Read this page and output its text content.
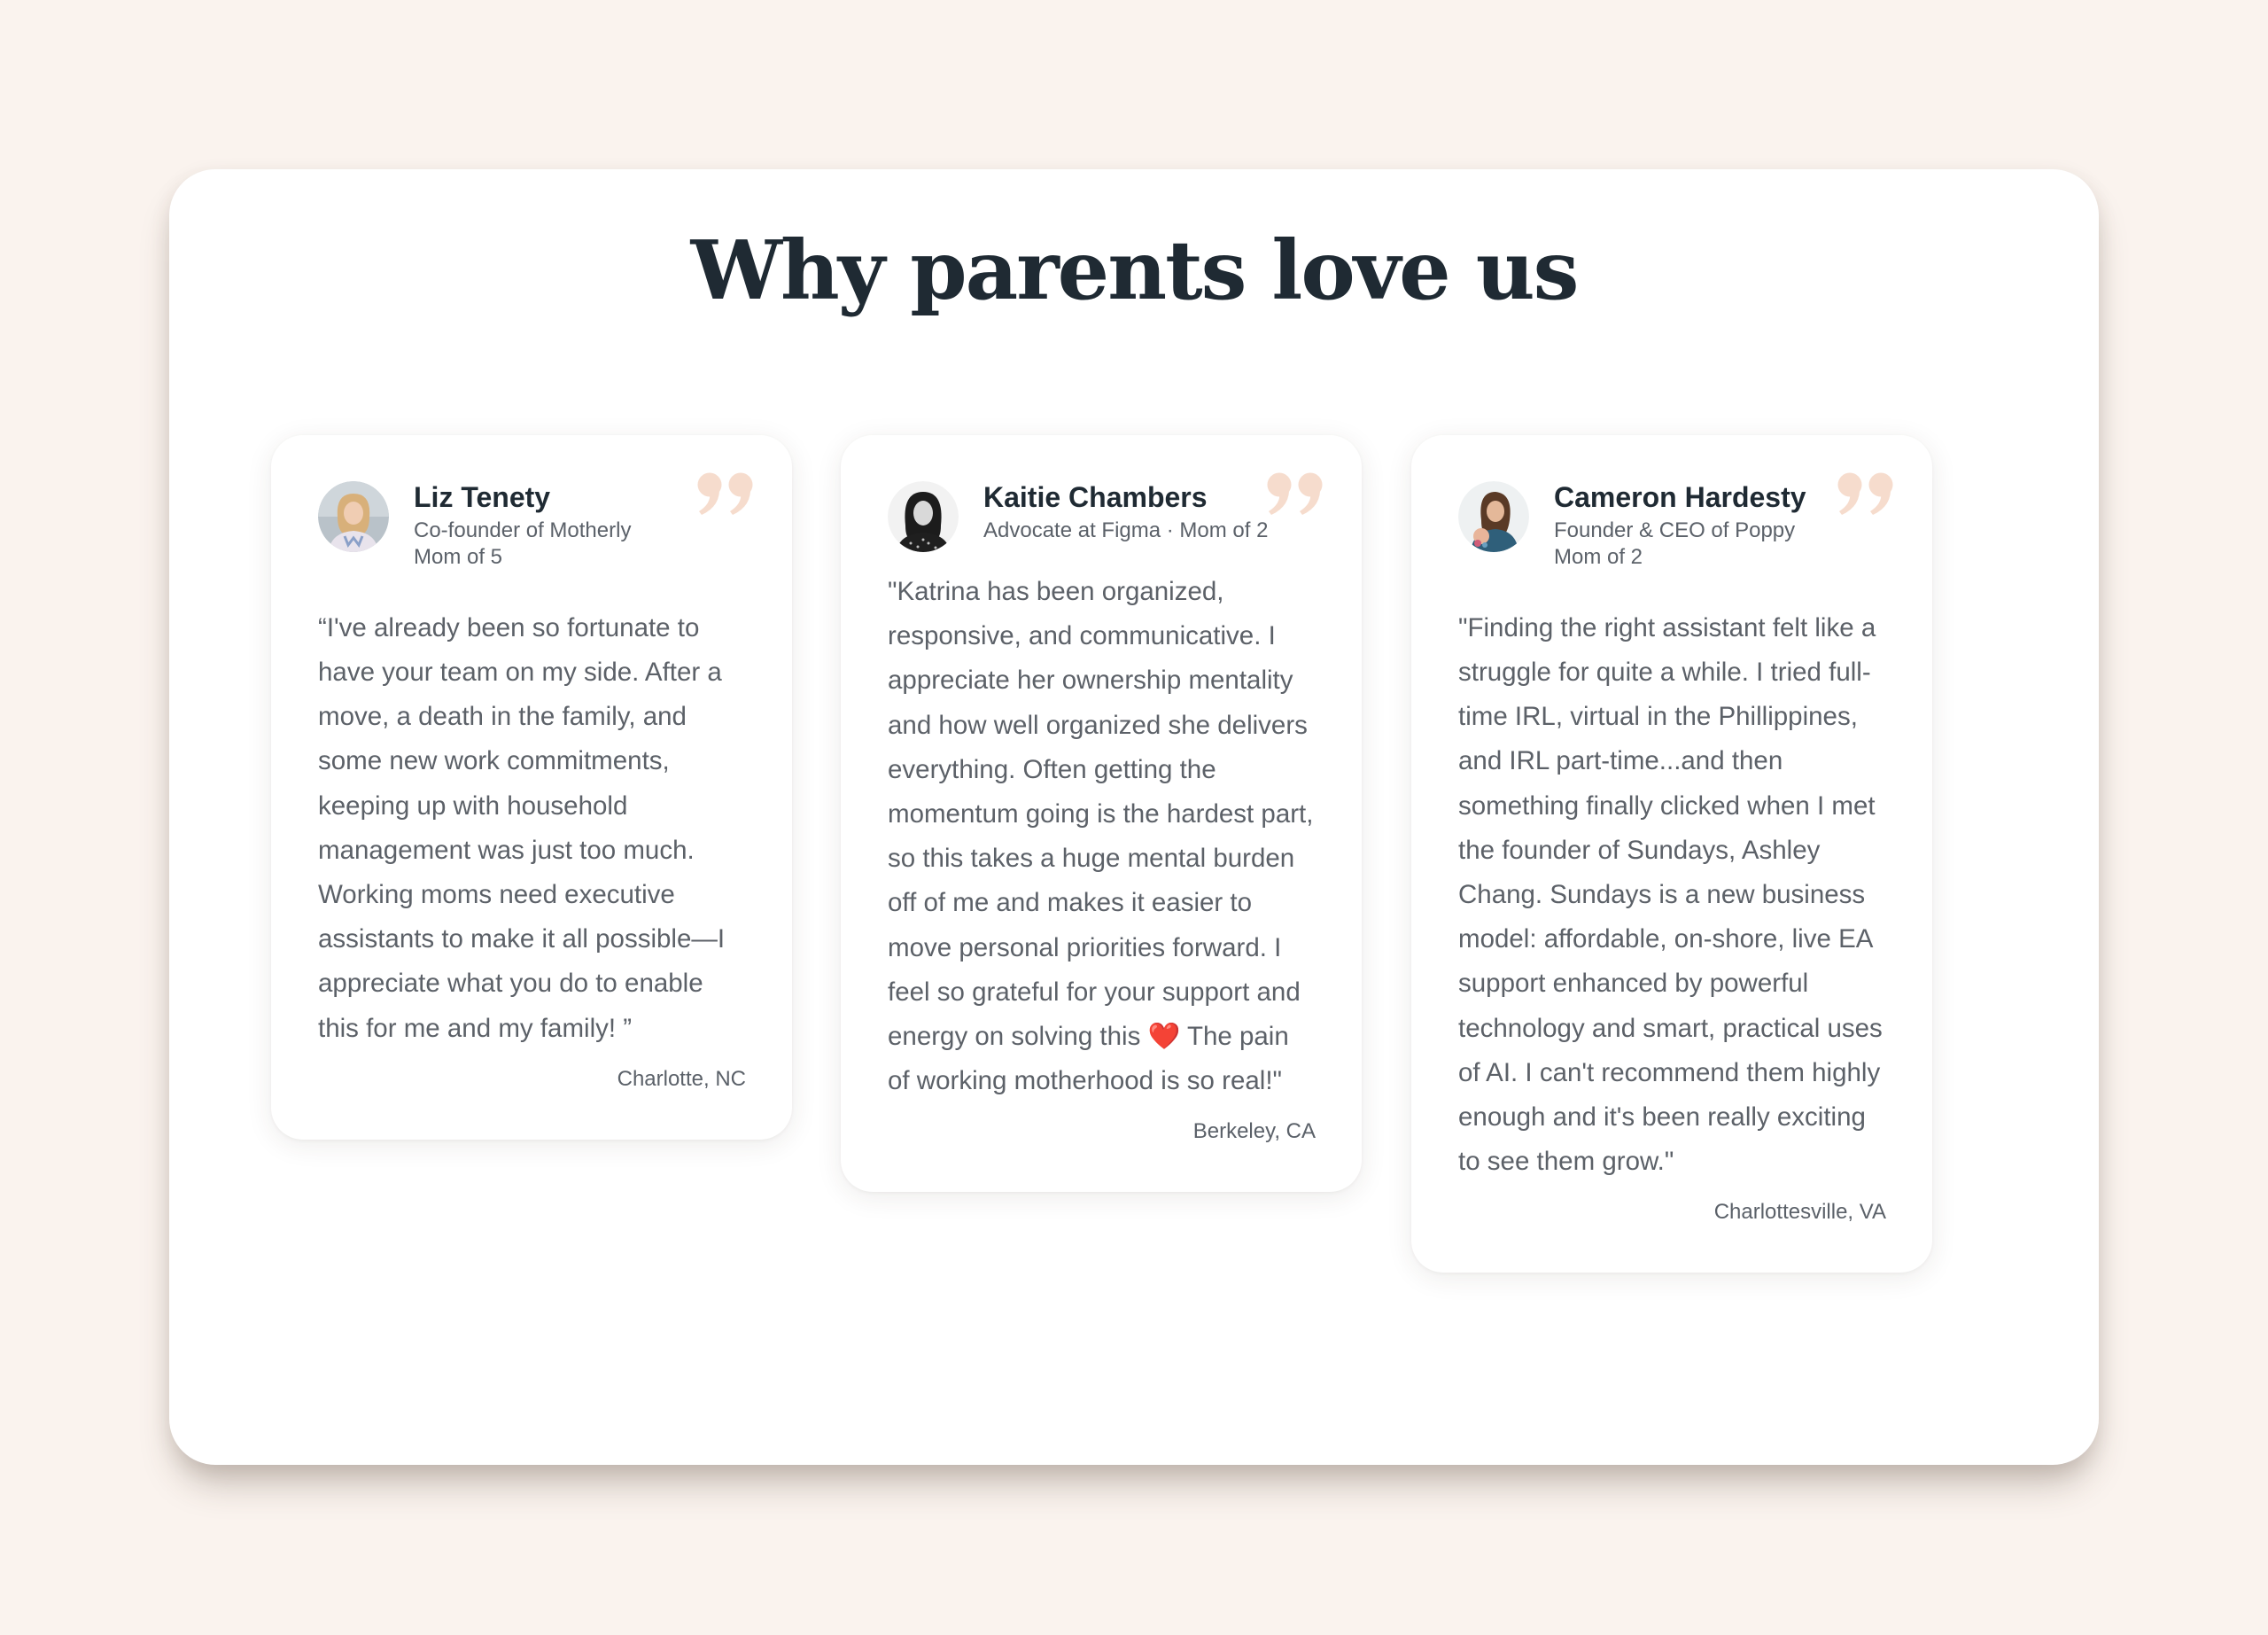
Why parents love us
Liz Tenety
Co-founder of Motherly
Mom of 5

“I've already been so fortunate to have your team on my side. After a move, a death in the family, and some new work commitments, keeping up with household management was just too much. Working moms need executive assistants to make it all possible—I appreciate what you do to enable this for me and my family! ”

Charlotte, NC
Kaitie Chambers
Advocate at Figma · Mom of 2

"Katrina has been organized, responsive, and communicative. I appreciate her ownership mentality and how well organized she delivers everything. Often getting the momentum going is the hardest part, so this takes a huge mental burden off of me and makes it easier to move personal priorities forward. I feel so grateful for your support and energy on solving this ❤️ The pain of working motherhood is so real!"

Berkeley, CA
Cameron Hardesty
Founder & CEO of Poppy
Mom of 2

"Finding the right assistant felt like a struggle for quite a while. I tried full-time IRL, virtual in the Phillippines, and IRL part-time...and then something finally clicked when I met the founder of Sundays, Ashley Chang. Sundays is a new business model: affordable, on-shore, live EA support enhanced by powerful technology and smart, practical uses of AI. I can't recommend them highly enough and it's been really exciting to see them grow."

Charlottesville, VA
